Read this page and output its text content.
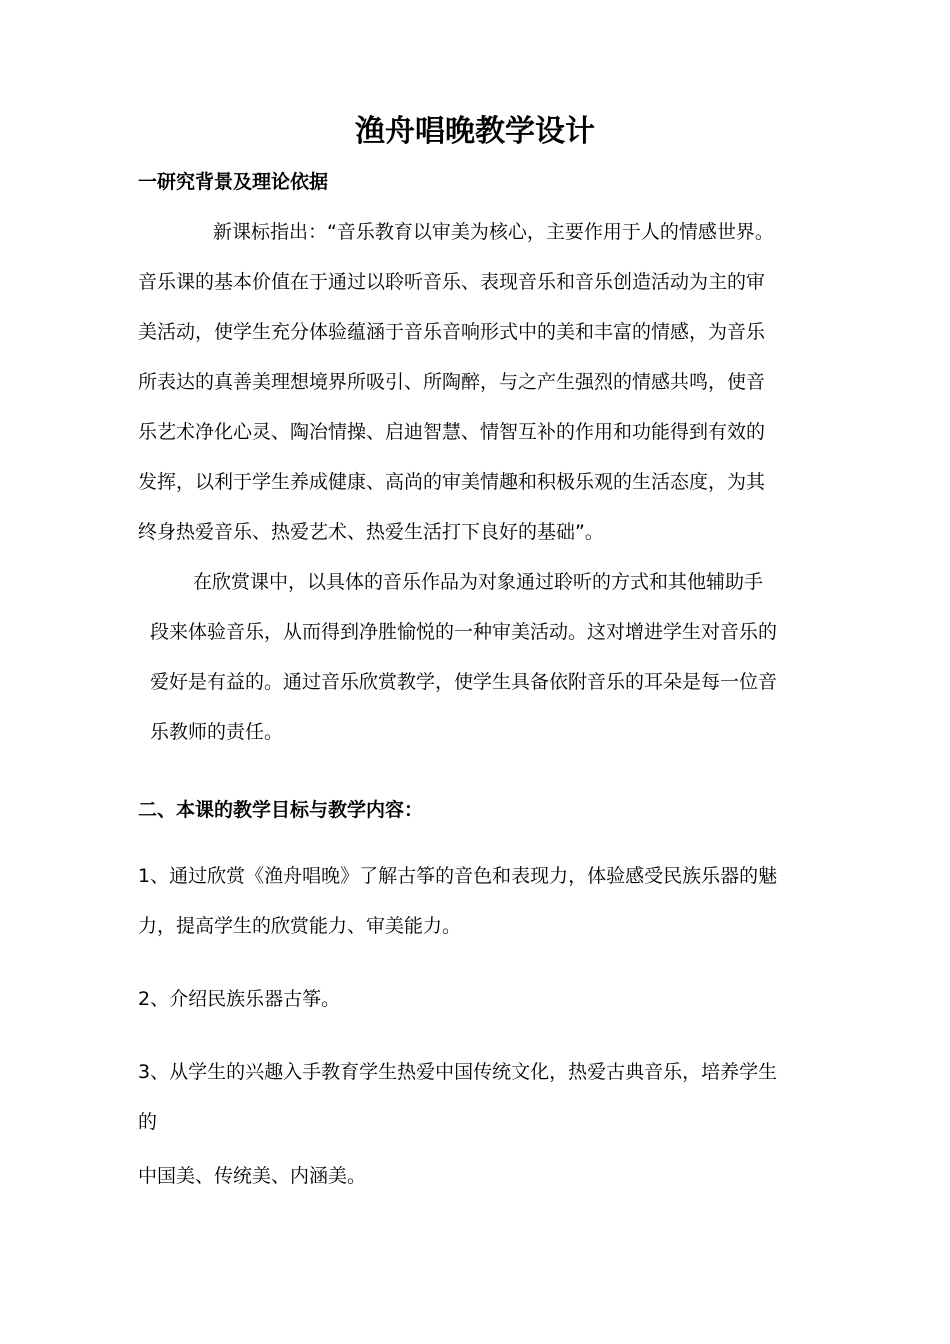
渔舟唱晚教学设计
一研究背景及理论依据
新课标指出：“音乐教育以审美为核心，主要作用于人的情感世界。
音乐课的基本价值在于通过以聆听音乐、表现音乐和音乐创造活动为主的审
美活动，使学生充分体验蕴涵于音乐音响形式中的美和丰富的情感，为音乐
所表达的真善美理想境界所吸引、所陶醉，与之产生强烈的情感共鸣，使音
乐艺术净化心灵、陶冶情操、启迪智慧、情智互补的作用和功能得到有效的
发挥，以利于学生养成健康、高尚的审美情趣和积极乐观的生活态度，为其
终身热爱音乐、热爱艺术、热爱生活打下良好的基础”。
在欣赏课中，以具体的音乐作品为对象通过聆听的方式和其他辅助手
段来体验音乐，从而得到净胜愉悦的一种审美活动。这对增进学生对音乐的
爱好是有益的。通过音乐欣赏教学，使学生具备依附音乐的耳朵是每一位音
乐教师的责任。
二、本课的教学目标与教学内容：
1、通过欣赏《渔舟唱晚》了解古筝的音色和表现力，体验感受民族乐器的魅
力，提高学生的欣赏能力、审美能力。
2、介绍民族乐器古筝。
3、从学生的兴趣入手教育学生热爱中国传统文化，热爱古典音乐，培养学生
的
中国美、传统美、内涵美。
